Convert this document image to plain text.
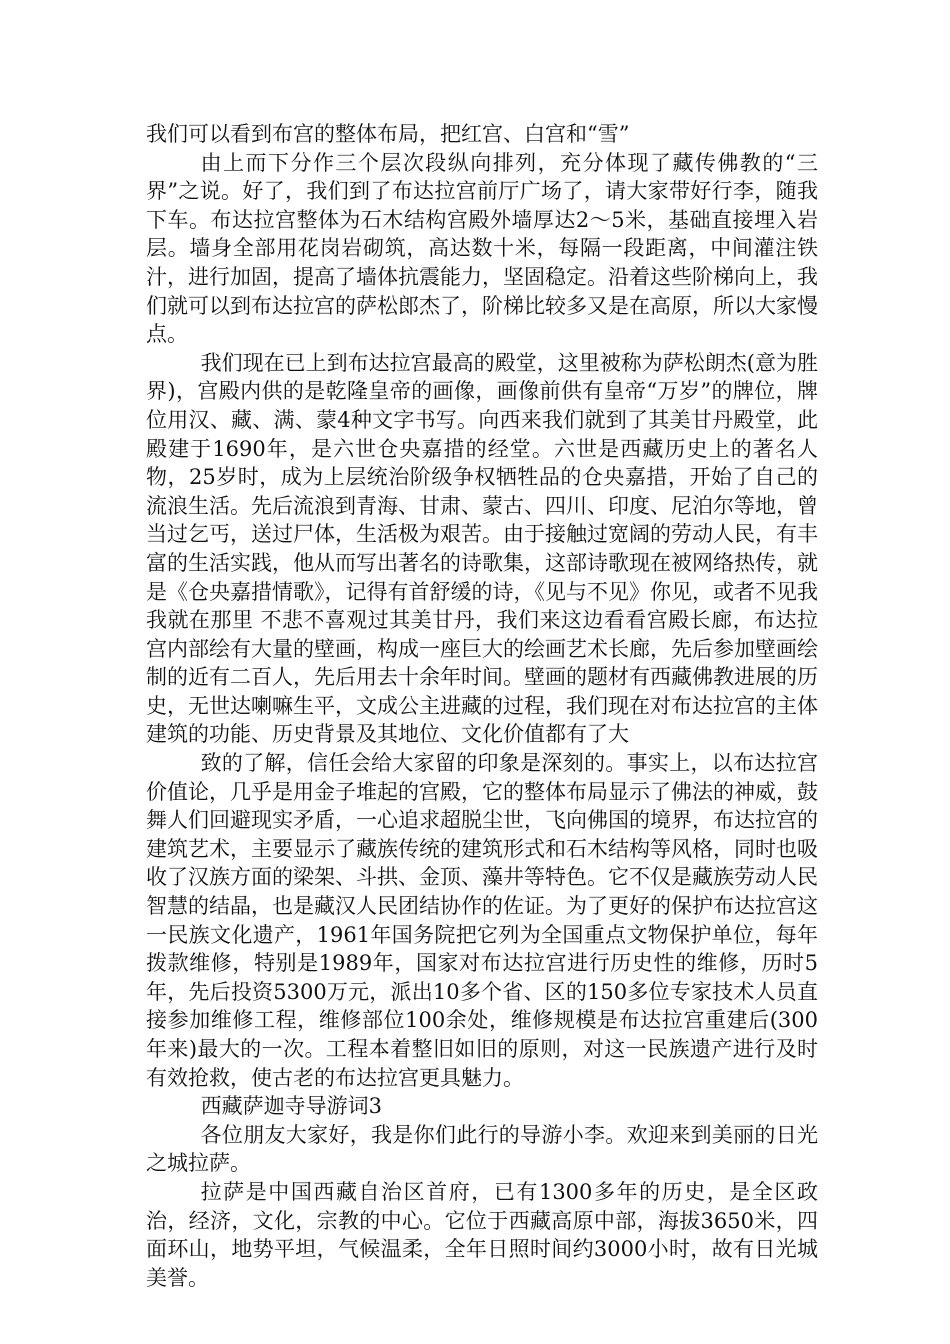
我们可以看到布宫的整体布局，把红宫、白宫和“雪”

由上而下分作三个层次段纵向排列，充分体现了藏传佛教的“三界”之说。好了，我们到了布达拉宫前厅广场了，请大家带好行李，随我下车。布达拉宫整体为石木结构宫殿外墙厚达2～5米，基础直接埋入岩层。墙身全部用花岗岩砌筑，高达数十米，每隔一段距离，中间灌注铁汁，进行加固，提高了墙体抗震能力，坚固稳定。沿着这些阶梯向上，我们就可以到布达拉宫的萨松郎杰了，阶梯比较多又是在高原，所以大家慢点。

我们现在已上到布达拉宫最高的殿堂，这里被称为萨松朗杰(意为胜界)，宫殿内供的是乾隆皇帝的画像，画像前供有皇帝“万岁”的牌位，牌位用汉、藏、满、蒙4种文字书写。向西来我们就到了其美甘丹殿堂，此殿建于1690年，是六世仓央嘉措的经堂。六世是西藏历史上的著名人物，25岁时，成为上层统治阶级争权牺牲品的仓央嘉措，开始了自己的流浪生活。先后流浪到青海、甘肃、蒙古、四川、印度、尼泊尔等地，曾当过乞丐，送过尸体，生活极为艰苦。由于接触过宽阔的劳动人民，有丰富的生活实践，他从而写出著名的诗歌集，这部诗歌现在被网络热传，就是《仓央嘉措情歌》，记得有首舒缓的诗，《见与不见》你见，或者不见我 我就在那里 不悲不喜观过其美甘丹，我们来这边看看宫殿长廊，布达拉宫内部绘有大量的壁画，构成一座巨大的绘画艺术长廊，先后参加壁画绘制的近有二百人，先后用去十余年时间。壁画的题材有西藏佛教进展的历史，无世达喇嘛生平，文成公主进藏的过程，我们现在对布达拉宫的主体建筑的功能、历史背景及其地位、文化价值都有了大

致的了解，信任会给大家留的印象是深刻的。事实上，以布达拉宫价值论，几乎是用金子堆起的宫殿，它的整体布局显示了佛法的神威，鼓舞人们回避现实矛盾，一心追求超脱尘世，飞向佛国的境界，布达拉宫的建筑艺术，主要显示了藏族传统的建筑形式和石木结构等风格，同时也吸收了汉族方面的梁架、斗拱、金顶、藻井等特色。它不仅是藏族劳动人民智慧的结晶，也是藏汉人民团结协作的佐证。为了更好的保护布达拉宫这一民族文化遗产，1961年国务院把它列为全国重点文物保护单位，每年拨款维修，特别是1989年，国家对布达拉宫进行历史性的维修，历时5年，先后投资5300万元，派出10多个省、区的150多位专家技术人员直接参加维修工程，维修部位100余处，维修规模是布达拉宫重建后(300年来)最大的一次。工程本着整旧如旧的原则，对这一民族遗产进行及时有效抢救，使古老的布达拉宫更具魅力。

西藏萨迦寺导游词3

各位朋友大家好，我是你们此行的导游小李。欢迎来到美丽的日光之城拉萨。

拉萨是中国西藏自治区首府，已有1300多年的历史，是全区政治，经济，文化，宗教的中心。它位于西藏高原中部，海拔3650米，四面环山，地势平坦，气候温柔，全年日照时间约3000小时，故有日光城美誉。
